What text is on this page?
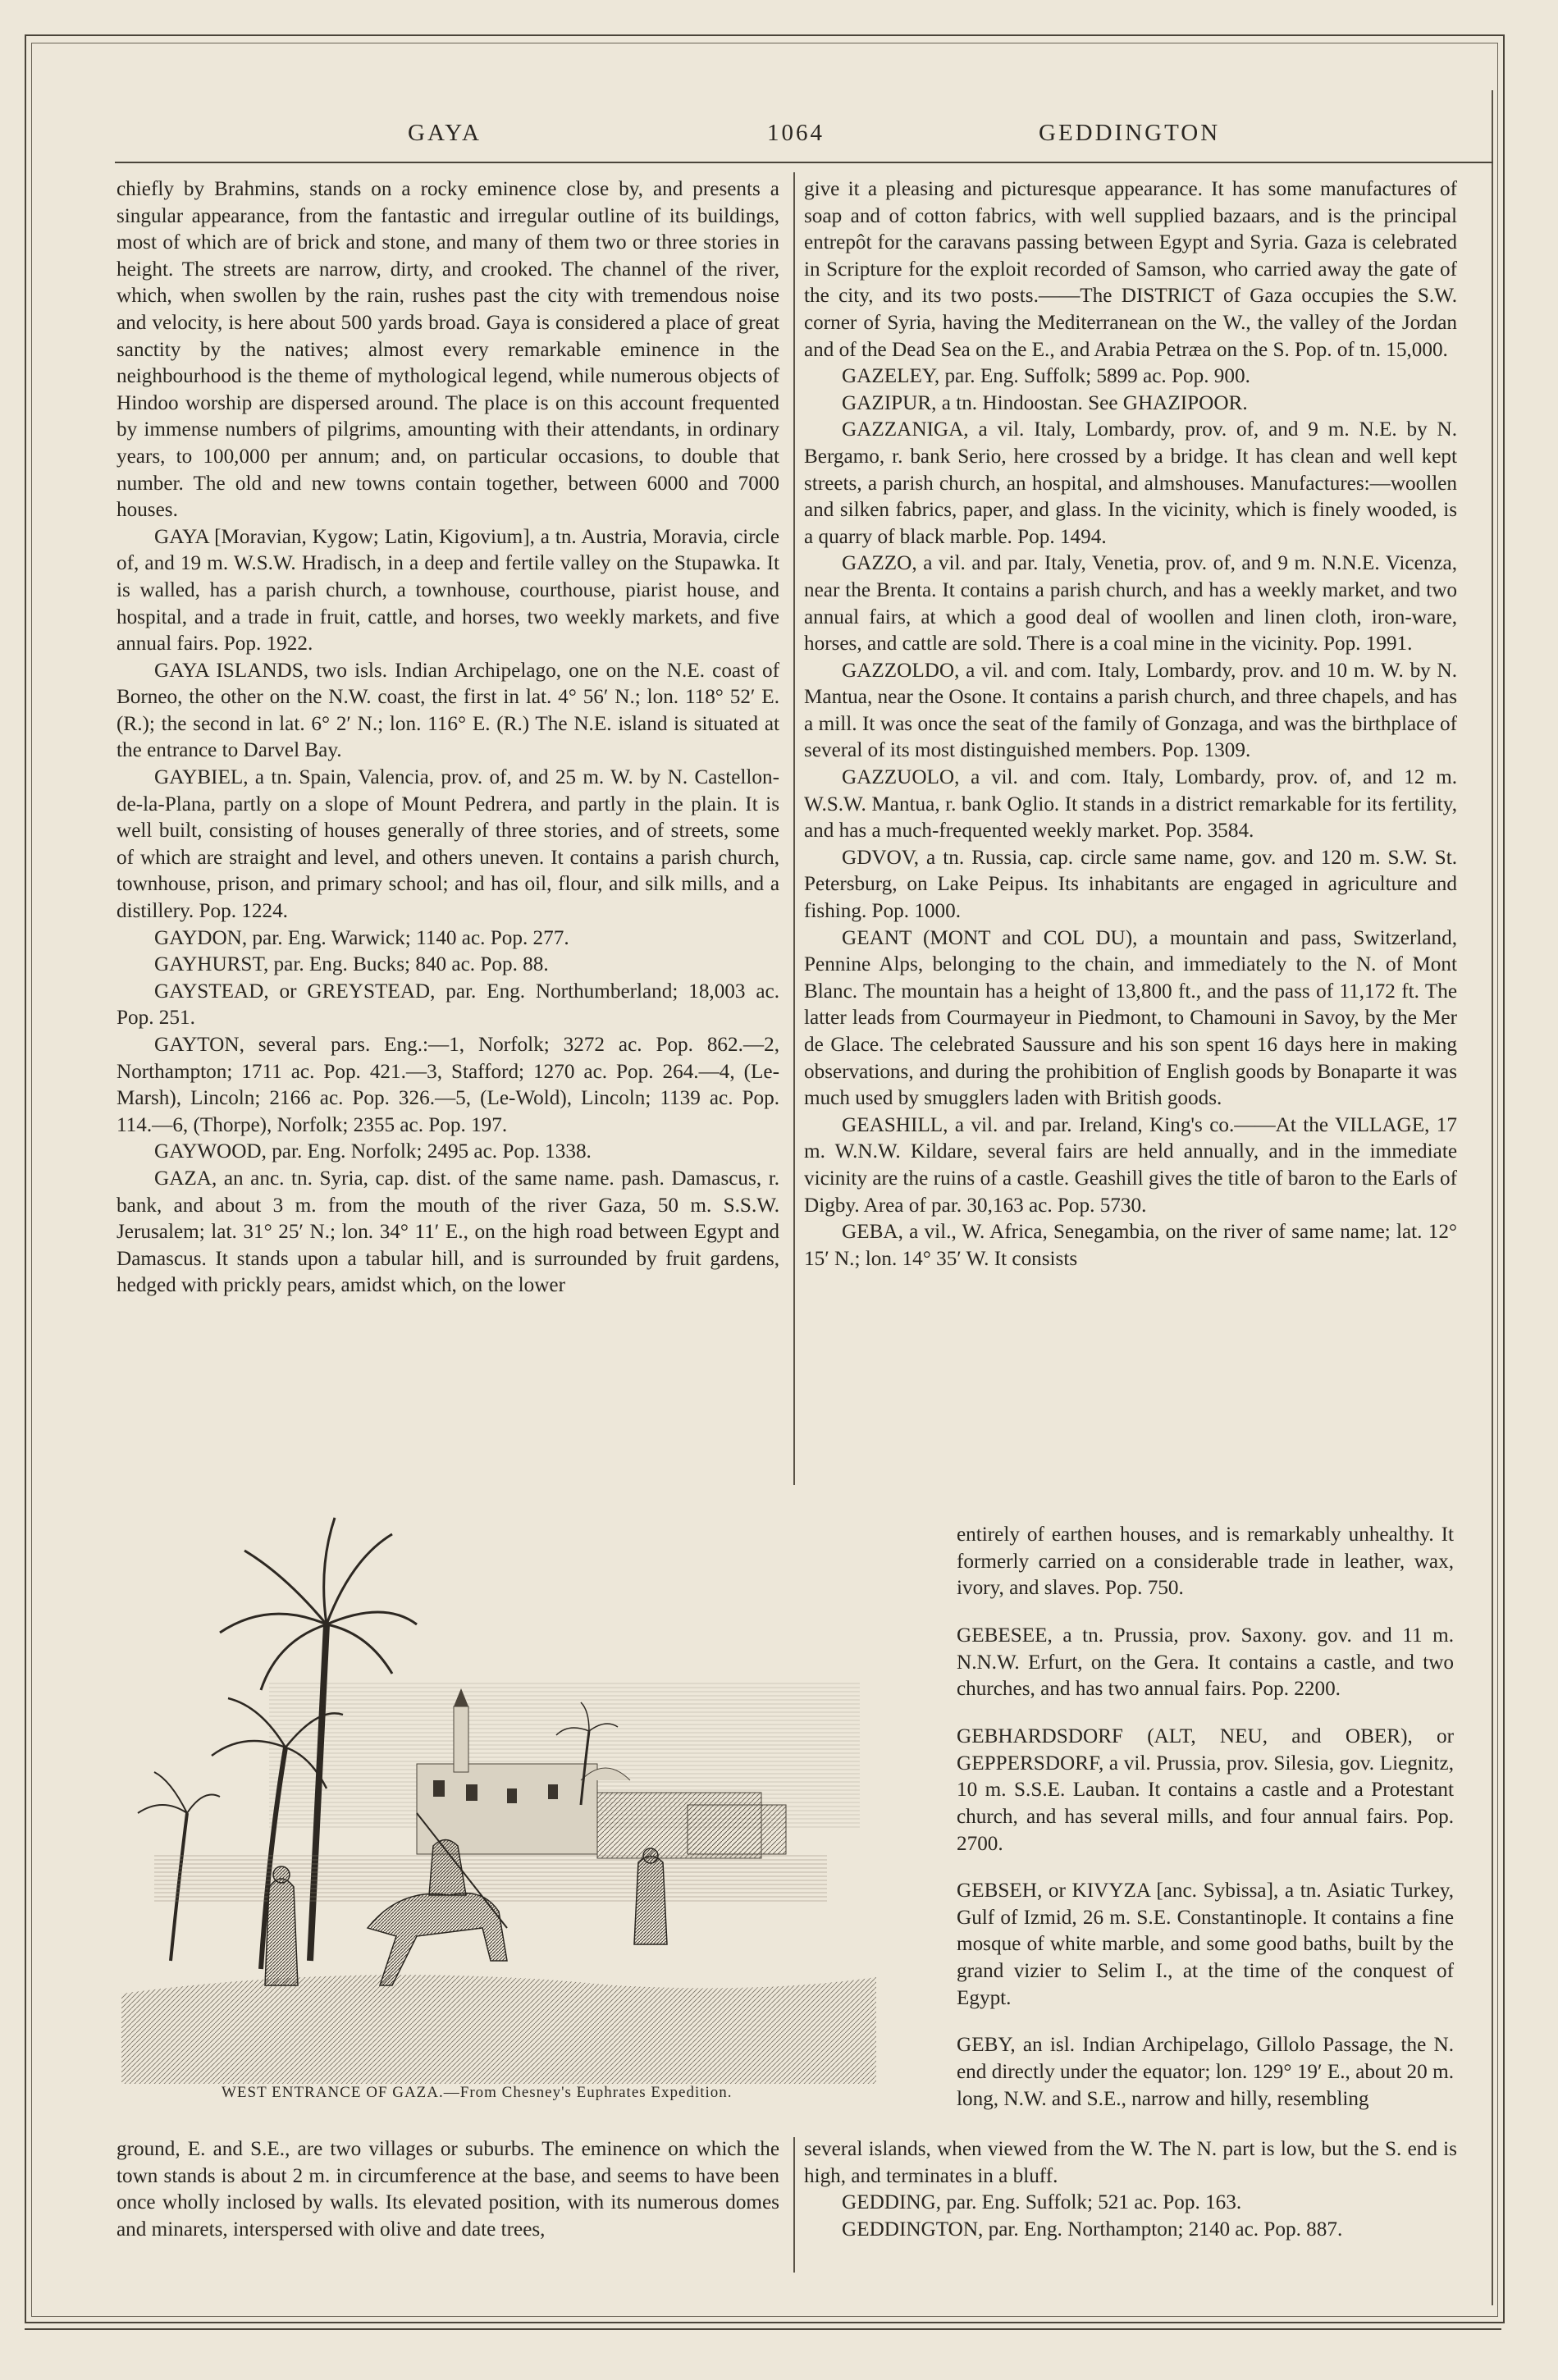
GAYA	1064	GEDDINGTON

chiefly by Brahmins, stands on a rocky eminence close by, and presents a singular appearance, from the fantastic and irregular outline of its buildings, most of which are of brick and stone, and many of them two or three stories in height. The streets are narrow, dirty, and crooked. The channel of the river, which, when swollen by the rain, rushes past the city with tremendous noise and velocity, is here about 500 yards broad. Gaya is considered a place of great sanctity by the natives; almost every remarkable eminence in the neighbourhood is the theme of mythological legend, while numerous objects of Hindoo worship are dispersed around. The place is on this account frequented by immense numbers of pilgrims, amounting with their attendants, in ordinary years, to 100,000 per annum; and, on particular occasions, to double that number. The old and new towns contain together, between 6000 and 7000 houses.

GAYA [Moravian, Kygow; Latin, Kigovium], a tn. Austria, Moravia, circle of, and 19 m. W.S.W. Hradisch, in a deep and fertile valley on the Stupawka. It is walled, has a parish church, a townhouse, courthouse, piarist house, and hospital, and a trade in fruit, cattle, and horses, two weekly markets, and five annual fairs. Pop. 1922.

GAYA ISLANDS, two isls. Indian Archipelago, one on the N.E. coast of Borneo, the other on the N.W. coast, the first in lat. 4° 56′ N.; lon. 118° 52′ E. (R.); the second in lat. 6° 2′ N.; lon. 116° E. (R.) The N.E. island is situated at the entrance to Darvel Bay.

GAYBIEL, a tn. Spain, Valencia, prov. of, and 25 m. W. by N. Castellon-de-la-Plana, partly on a slope of Mount Pedrera, and partly in the plain. It is well built, consisting of houses generally of three stories, and of streets, some of which are straight and level, and others uneven. It contains a parish church, townhouse, prison, and primary school; and has oil, flour, and silk mills, and a distillery. Pop. 1224.

GAYDON, par. Eng. Warwick; 1140 ac. Pop. 277.

GAYHURST, par. Eng. Bucks; 840 ac. Pop. 88.

GAYSTEAD, or GREYSTEAD, par. Eng. Northumberland; 18,003 ac. Pop. 251.

GAYTON, several pars. Eng.:—1, Norfolk; 3272 ac. Pop. 862.—2, Northampton; 1711 ac. Pop. 421.—3, Stafford; 1270 ac. Pop. 264.—4, (Le-Marsh), Lincoln; 2166 ac. Pop. 326.—5, (Le-Wold), Lincoln; 1139 ac. Pop. 114.—6, (Thorpe), Norfolk; 2355 ac. Pop. 197.

GAYWOOD, par. Eng. Norfolk; 2495 ac. Pop. 1338.

GAZA, an anc. tn. Syria, cap. dist. of the same name. pash. Damascus, r. bank, and about 3 m. from the mouth of the river Gaza, 50 m. S.S.W. Jerusalem; lat. 31° 25′ N.; lon. 34° 11′ E., on the high road between Egypt and Damascus. It stands upon a tabular hill, and is surrounded by fruit gardens, hedged with prickly pears, amidst which, on the lower

give it a pleasing and picturesque appearance. It has some manufactures of soap and of cotton fabrics, with well supplied bazaars, and is the principal entrepôt for the caravans passing between Egypt and Syria. Gaza is celebrated in Scripture for the exploit recorded of Samson, who carried away the gate of the city, and its two posts.——The DISTRICT of Gaza occupies the S.W. corner of Syria, having the Mediterranean on the W., the valley of the Jordan and of the Dead Sea on the E., and Arabia Petræa on the S. Pop. of tn. 15,000.

GAZELEY, par. Eng. Suffolk; 5899 ac. Pop. 900.

GAZIPUR, a tn. Hindoostan. See GHAZIPOOR.

GAZZANIGA, a vil. Italy, Lombardy, prov. of, and 9 m. N.E. by N. Bergamo, r. bank Serio, here crossed by a bridge. It has clean and well kept streets, a parish church, an hospital, and almshouses. Manufactures:—woollen and silken fabrics, paper, and glass. In the vicinity, which is finely wooded, is a quarry of black marble. Pop. 1494.

GAZZO, a vil. and par. Italy, Venetia, prov. of, and 9 m. N.N.E. Vicenza, near the Brenta. It contains a parish church, and has a weekly market, and two annual fairs, at which a good deal of woollen and linen cloth, iron-ware, horses, and cattle are sold. There is a coal mine in the vicinity. Pop. 1991.

GAZZOLDO, a vil. and com. Italy, Lombardy, prov. and 10 m. W. by N. Mantua, near the Osone. It contains a parish church, and three chapels, and has a mill. It was once the seat of the family of Gonzaga, and was the birthplace of several of its most distinguished members. Pop. 1309.

GAZZUOLO, a vil. and com. Italy, Lombardy, prov. of, and 12 m. W.S.W. Mantua, r. bank Oglio. It stands in a district remarkable for its fertility, and has a much-frequented weekly market. Pop. 3584.

GDVOV, a tn. Russia, cap. circle same name, gov. and 120 m. S.W. St. Petersburg, on Lake Peipus. Its inhabitants are engaged in agriculture and fishing. Pop. 1000.

GEANT (MONT and COL DU), a mountain and pass, Switzerland, Pennine Alps, belonging to the chain, and immediately to the N. of Mont Blanc. The mountain has a height of 13,800 ft., and the pass of 11,172 ft. The latter leads from Courmayeur in Piedmont, to Chamouni in Savoy, by the Mer de Glace. The celebrated Saussure and his son spent 16 days here in making observations, and during the prohibition of English goods by Bonaparte it was much used by smugglers laden with British goods.

GEASHILL, a vil. and par. Ireland, King's co.——At the VILLAGE, 17 m. W.N.W. Kildare, several fairs are held annually, and in the immediate vicinity are the ruins of a castle. Geashill gives the title of baron to the Earls of Digby. Area of par. 30,163 ac. Pop. 5730.

GEBA, a vil., W. Africa, Senegambia, on the river of same name; lat. 12° 15′ N.; lon. 14° 35′ W. It consists

entirely of earthen houses, and is remarkably unhealthy. It formerly carried on a considerable trade in leather, wax, ivory, and slaves. Pop. 750.

GEBESEE, a tn. Prussia, prov. Saxony. gov. and 11 m. N.N.W. Erfurt, on the Gera. It contains a castle, and two churches, and has two annual fairs. Pop. 2200.

GEBHARDSDORF (ALT, NEU, and OBER), or GEPPERSDORF, a vil. Prussia, prov. Silesia, gov. Liegnitz, 10 m. S.S.E. Lauban. It contains a castle and a Protestant church, and has several mills, and four annual fairs. Pop. 2700.

GEBSEH, or KIVYZA [anc. Sybissa], a tn. Asiatic Turkey, Gulf of Izmid, 26 m. S.E. Constantinople. It contains a fine mosque of white marble, and some good baths, built by the grand vizier to Selim I., at the time of the conquest of Egypt.

GEBY, an isl. Indian Archipelago, Gillolo Passage, the N. end directly under the equator; lon. 129° 19′ E., about 20 m. long, N.W. and S.E., narrow and hilly, resembling

WEST ENTRANCE OF GAZA.—From Chesney's Euphrates Expedition.

ground, E. and S.E., are two villages or suburbs. The eminence on which the town stands is about 2 m. in circumference at the base, and seems to have been once wholly inclosed by walls. Its elevated position, with its numerous domes and minarets, interspersed with olive and date trees,

several islands, when viewed from the W. The N. part is low, but the S. end is high, and terminates in a bluff.

GEDDING, par. Eng. Suffolk; 521 ac. Pop. 163.

GEDDINGTON, par. Eng. Northampton; 2140 ac. Pop. 887.
